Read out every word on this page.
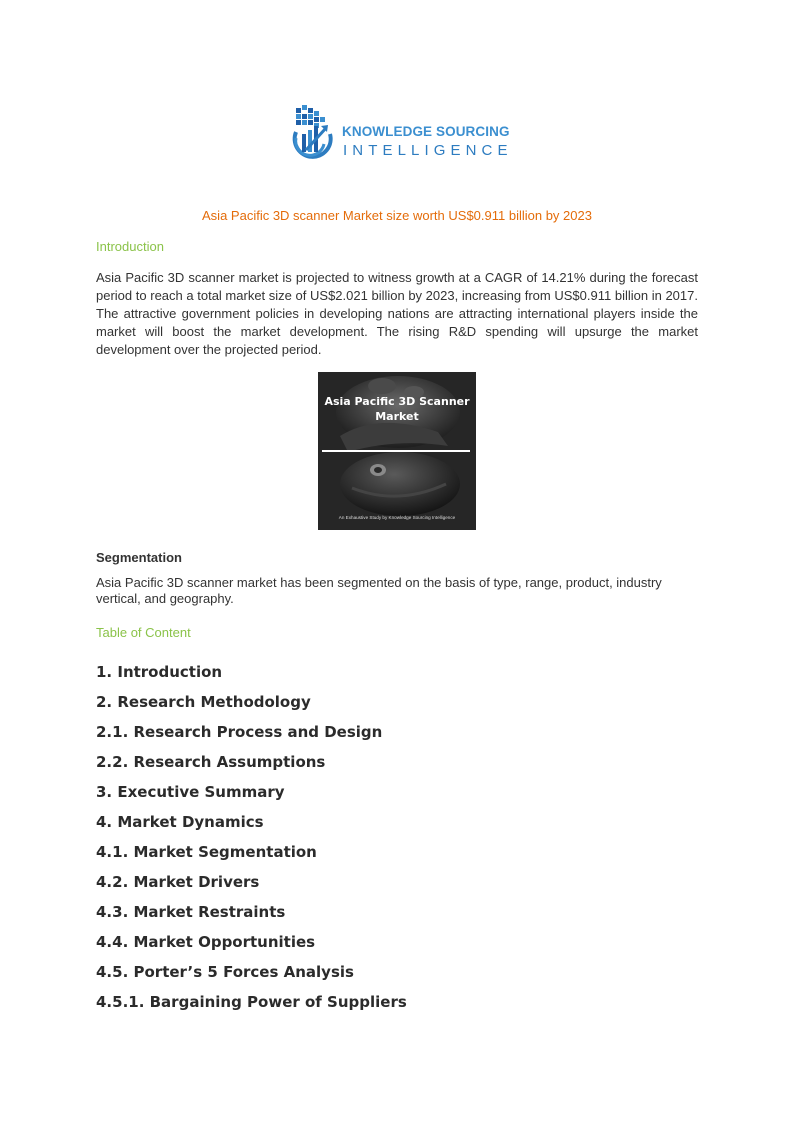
KNOWLEDGE SOURCING
INTELLIGENCE
Asia Pacific 3D scanner Market size worth US$0.911 billion by 2023
Introduction
Asia Pacific 3D scanner market is projected to witness growth at a CAGR of 14.21% during the forecast period to reach a total market size of US$2.021 billion by 2023, increasing from US$0.911 billion in 2017. The attractive government policies in developing nations are attracting international players inside the market will boost the market development. The rising R&D spending will upsurge the market development over the projected period.
Asia Pacific 3D Scanner Market
An Exhaustive Study by Knowledge Sourcing Intelligence
Segmentation
Asia Pacific 3D scanner market has been segmented on the basis of type, range, product, industry vertical, and geography.
Table of Content
1. Introduction
2. Research Methodology
2.1. Research Process and Design
2.2. Research Assumptions
3. Executive Summary
4. Market Dynamics
4.1. Market Segmentation
4.2. Market Drivers
4.3. Market Restraints
4.4. Market Opportunities
4.5. Porter’s 5 Forces Analysis
4.5.1. Bargaining Power of Suppliers
